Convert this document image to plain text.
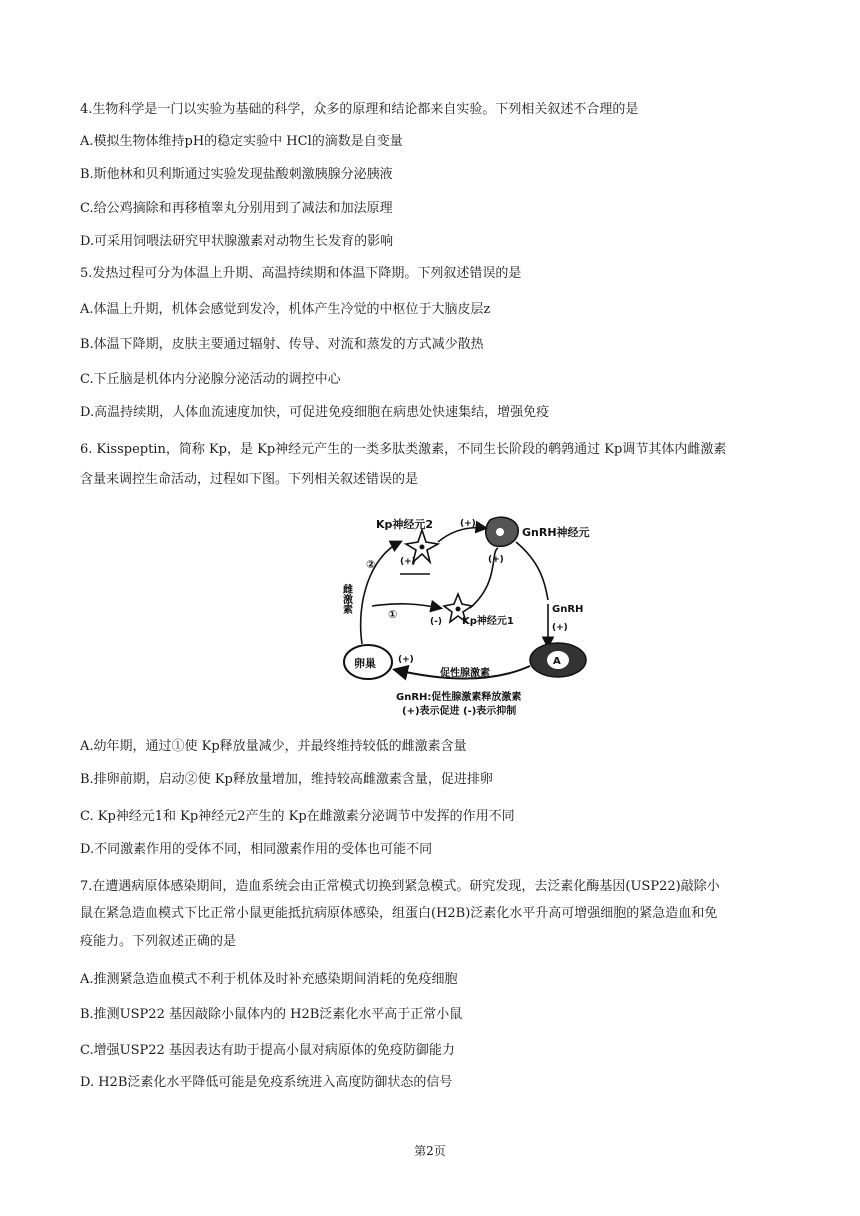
4.生物科学是一门以实验为基础的科学，众多的原理和结论都来自实验。下列相关叙述不合理的是
A.模拟生物体维持pH的稳定实验中 HCl的滴数是自变量
B.斯他林和贝利斯通过实验发现盐酸刺激胰腺分泌胰液
C.给公鸡摘除和再移植睾丸分别用到了减法和加法原理
D.可采用饲喂法研究甲状腺激素对动物生长发育的影响
5.发热过程可分为体温上升期、高温持续期和体温下降期。下列叙述错误的是
A.体温上升期，机体会感觉到发冷，机体产生冷觉的中枢位于大脑皮层z
B.体温下降期，皮肤主要通过辐射、传导、对流和蒸发的方式减少散热
C.下丘脑是机体内分泌腺分泌活动的调控中心
D.高温持续期，人体血流速度加快，可促进免疫细胞在病患处快速集结，增强免疫
6. Kisspeptin，简称 Kp，是 Kp神经元产生的一类多肽类激素，不同生长阶段的鹌鹑通过 Kp调节其体内雌激素
含量来调控生命活动，过程如下图。下列相关叙述错误的是
Kp神经元2
(+)
GnRH神经元
(+)
(+)
Kp神经元1
(-)
GnRH
(+)
A
卵巢 (+)
促性腺激素
②
①
雌激素
GnRH:促性腺激素释放激素
(+)表示促进 (-)表示抑制
A.幼年期，通过①使 Kp释放量减少，并最终维持较低的雌激素含量
B.排卵前期，启动②使 Kp释放量增加，维持较高雌激素含量，促进排卵
C. Kp神经元1和 Kp神经元2产生的 Kp在雌激素分泌调节中发挥的作用不同
D.不同激素作用的受体不同，相同激素作用的受体也可能不同
7.在遭遇病原体感染期间，造血系统会由正常模式切换到紧急模式。研究发现，去泛素化酶基因(USP22)敲除小
鼠在紧急造血模式下比正常小鼠更能抵抗病原体感染，组蛋白(H2B)泛素化水平升高可增强细胞的紧急造血和免
疫能力。下列叙述正确的是
A.推测紧急造血模式不利于机体及时补充感染期间消耗的免疫细胞
B.推测USP22 基因敲除小鼠体内的 H2B泛素化水平高于正常小鼠
C.增强USP22 基因表达有助于提高小鼠对病原体的免疫防御能力
D. H2B泛素化水平降低可能是免疫系统进入高度防御状态的信号
第2页
